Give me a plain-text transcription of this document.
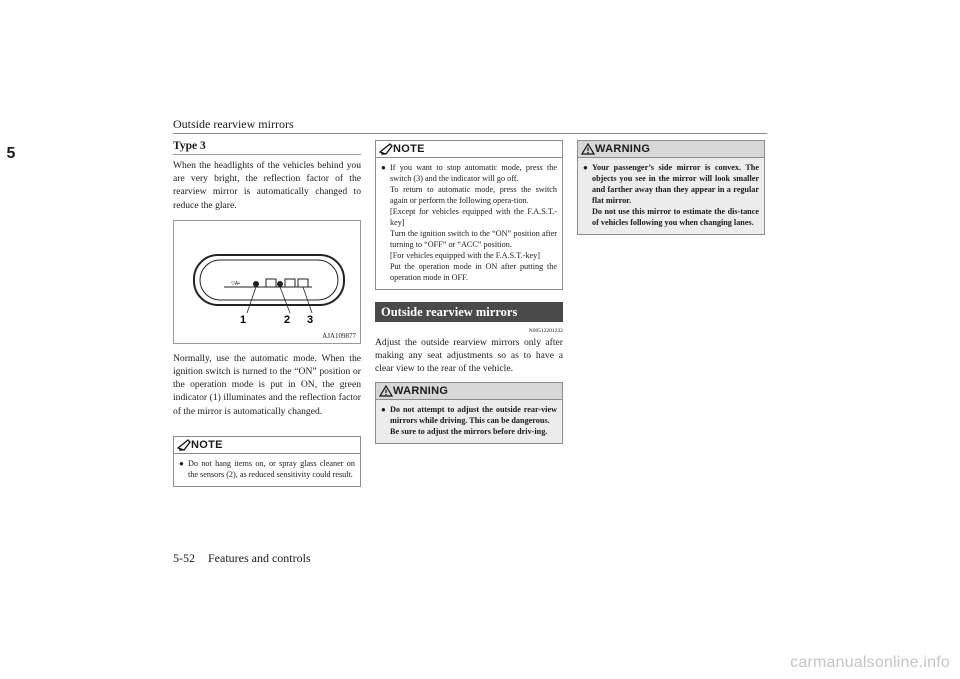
Outside rearview mirrors
5	Type 3

When the headlights of the vehicles behind you are very bright, the reflection factor of the rearview mirror is automatically changed to reduce the glare.

▽A•
1	2 3
AJA109877

Normally, use the automatic mode. When the ignition switch is turned to the “ON” position or the operation mode is put in ON, the green indicator (1) illuminates and the reflection factor of the mirror is automatically changed.

NOTE
● Do not hang items on, or spray glass cleaner on the sensors (2), as reduced sensitivity could result.
NOTE
● If you want to stop automatic mode, press the switch (3) and the indicator will go off.
To return to automatic mode, press the switch again or perform the following opera-tion.
[Except for vehicles equipped with the F.A.S.T.-key]
Turn the ignition switch to the “ON” position after turning to “OFF” or “ACC” position.
[For vehicles equipped with the F.A.S.T.-key]
Put the operation mode in ON after putting the operation mode in OFF.
Outside rearview mirrors
N00512201232

Adjust the outside rearview mirrors only after making any seat adjustments so as to have a clear view to the rear of the vehicle.

WARNING
● Do not attempt to adjust the outside rear-view mirrors while driving. This can be dangerous.
Be sure to adjust the mirrors before driv-ing.
WARNING
● Your passenger’s side mirror is convex. The objects you see in the mirror will look smaller and farther away than they appear in a regular flat mirror.
Do not use this mirror to estimate the dis-tance of vehicles following you when changing lanes.
5-52 Features and controls
carmanualsonline.info
